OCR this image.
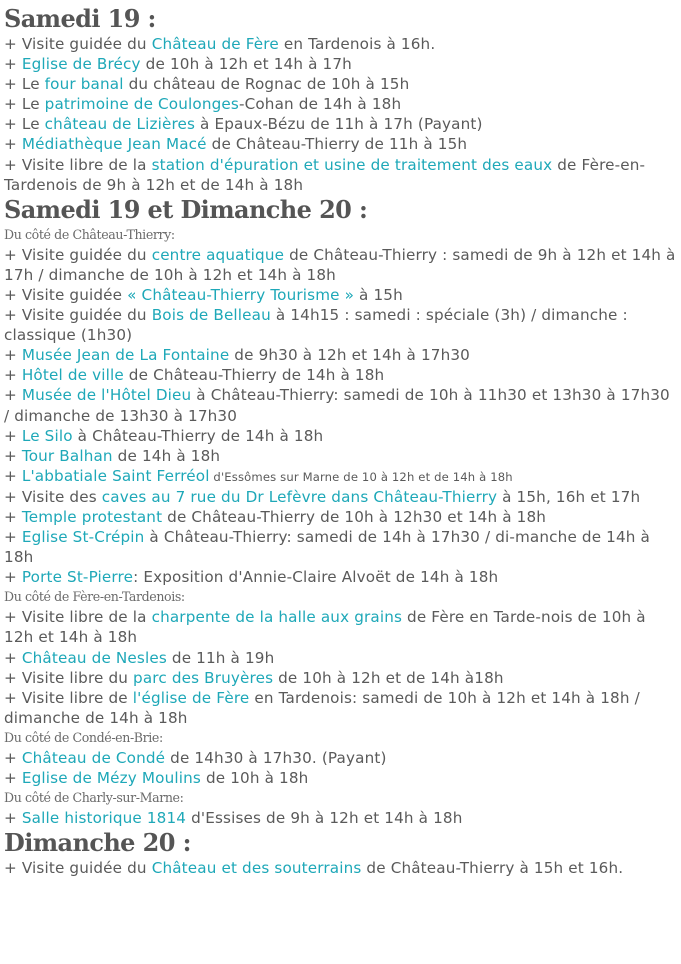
Samedi 19 :
+ Visite guidée du Château de Fère en Tardenois à 16h.
+ Eglise de Brécy de 10h à 12h et 14h à 17h
+ Le four banal du château de Rognac de 10h à 15h
+ Le patrimoine de Coulonges-Cohan de 14h à 18h
+ Le château de Lizières à Epaux-Bézu de 11h à 17h (Payant)
+ Médiathèque Jean Macé de Château-Thierry de 11h à 15h
+ Visite libre de la station d'épuration et usine de traitement des eaux de Fère-en-Tardenois de 9h à 12h et de 14h à 18h
Samedi 19 et Dimanche 20 :
Du côté de Château-Thierry:
+ Visite guidée du centre aquatique de Château-Thierry : samedi de 9h à 12h et 14h à 17h / dimanche de 10h à 12h et 14h à 18h
+ Visite guidée « Château-Thierry Tourisme » à 15h
+ Visite guidée du Bois de Belleau à 14h15 : samedi : spéciale (3h) / dimanche : classique (1h30)
+ Musée Jean de La Fontaine de 9h30 à 12h et 14h à 17h30
+ Hôtel de ville de Château-Thierry de 14h à 18h
+ Musée de l'Hôtel Dieu à Château-Thierry: samedi de 10h à 11h30 et 13h30 à 17h30 / dimanche de 13h30 à 17h30
+ Le Silo à Château-Thierry de 14h à 18h
+ Tour Balhan de 14h à 18h
+ L'abbatiale Saint Ferréol d'Essômes sur Marne de 10 à 12h et de 14h à 18h
+ Visite des caves au 7 rue du Dr Lefèvre dans Château-Thierry à 15h, 16h et 17h
+ Temple protestant de Château-Thierry de 10h à 12h30 et 14h à 18h
+ Eglise St-Crépin à Château-Thierry: samedi de 14h à 17h30 / di-manche de 14h à 18h
+ Porte St-Pierre: Exposition d'Annie-Claire Alvoët de 14h à 18h
Du côté de Fère-en-Tardenois:
+ Visite libre de la charpente de la halle aux grains de Fère en Tarde-nois de 10h à 12h et 14h à 18h
+ Château de Nesles de 11h à 19h
+ Visite libre du parc des Bruyères de 10h à 12h et de 14h à18h
+ Visite libre de l'église de Fère en Tardenois: samedi de 10h à 12h et 14h à 18h / dimanche de 14h à 18h
Du côté de Condé-en-Brie:
+ Château de Condé de 14h30 à 17h30. (Payant)
+ Eglise de Mézy Moulins de 10h à 18h
Du côté de Charly-sur-Marne:
+ Salle historique 1814 d'Essises de 9h à 12h et 14h à 18h
Dimanche 20 :
+ Visite guidée du Château et des souterrains de Château-Thierry à 15h et 16h.
